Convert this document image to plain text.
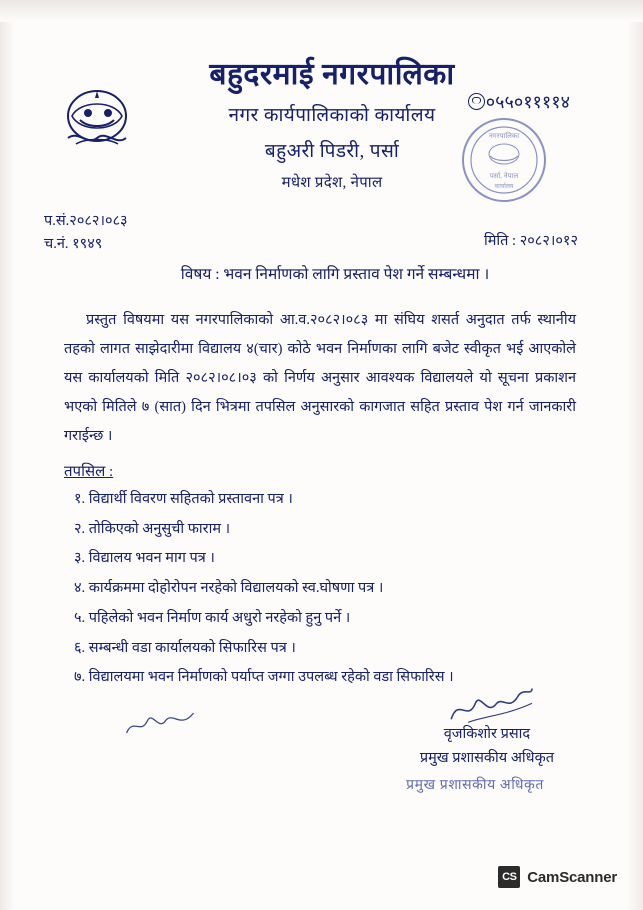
बहुदरमाई नगरपालिका
नगर कार्यपालिकाको कार्यालय
बहुअरी पिडरी, पर्सा
मधेश प्रदेश, नेपाल
०५५०११११४
नगरपालिका
पर्सा, नेपाल
कार्यालय
प.सं.२०८२।०८३
च.नं. १९४९	मिति : २०८२।०१२
विषय : भवन निर्माणको लागि प्रस्ताव पेश गर्ने सम्बन्धमा ।

प्रस्तुत विषयमा यस नगरपालिकाको आ.व.२०८२।०८३ मा संघिय शसर्त अनुदात तर्फ स्थानीय तहको लागत साझेदारीमा विद्यालय ४(चार) कोठे भवन निर्माणका लागि बजेट स्वीकृत भई आएकोले यस कार्यालयको मिति २०८२।०८।०३ को निर्णय अनुसार आवश्यक विद्यालयले यो सूचना प्रकाशन भएको मितिले ७ (सात) दिन भित्रमा तपसिल अनुसारको कागजात सहित प्रस्ताव पेश गर्न जानकारी गराईन्छ ।

तपसिल :
१. विद्यार्थी विवरण सहितको प्रस्तावना पत्र ।
२. तोकिएको अनुसुची फाराम ।
३. विद्यालय भवन माग पत्र ।
४. कार्यक्रममा दोहोरोपन नरहेको विद्यालयको स्व.घोषणा पत्र ।
५. पहिलेको भवन निर्माण कार्य अधुरो नरहेको हुनु पर्ने ।
६. सम्बन्धी वडा कार्यालयको सिफारिस पत्र ।
७. विद्यालयमा भवन निर्माणको पर्याप्त जग्गा उपलब्ध रहेको वडा सिफारिस ।
वृजकिशोर प्रसाद
प्रमुख प्रशासकीय अधिकृत
प्रमुख प्रशासकीय अधिकृत
CS CamScanner
